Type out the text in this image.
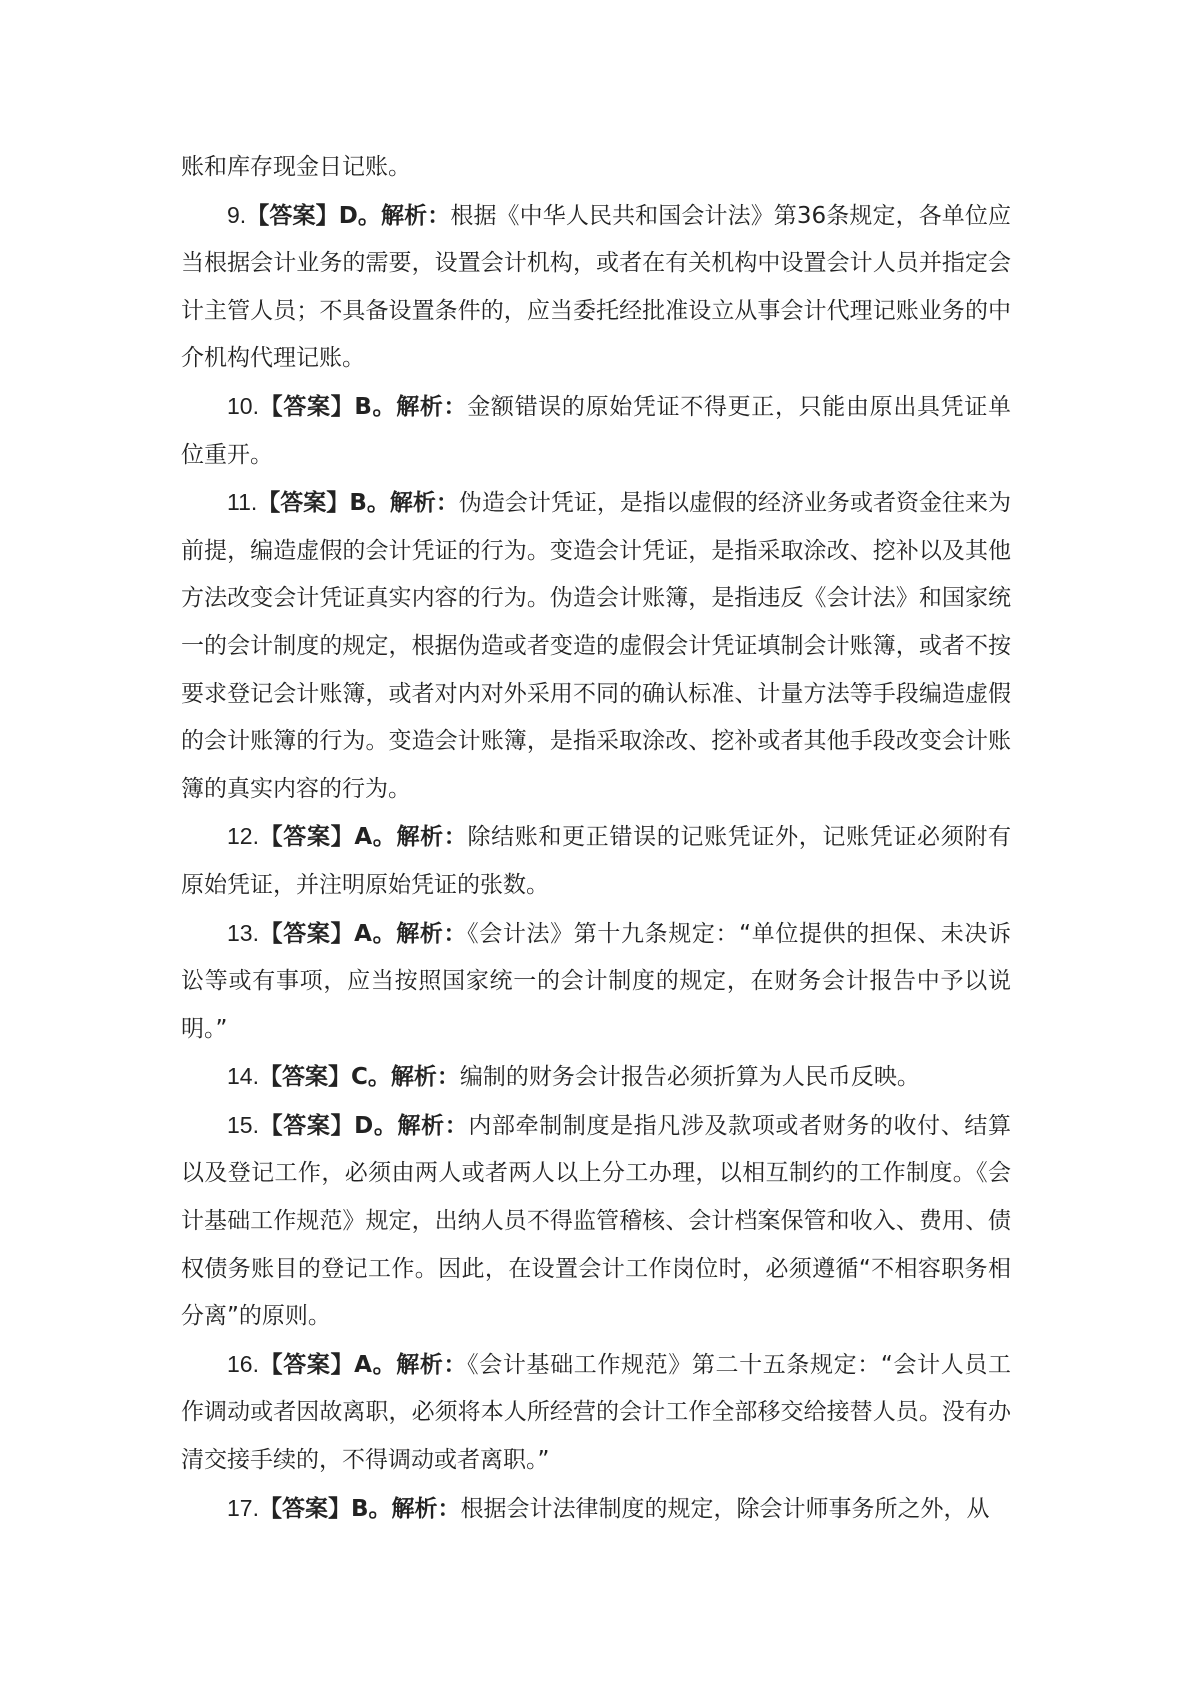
账和库存现金日记账。

9.【答案】D。解析：根据《中华人民共和国会计法》第36条规定，各单位应当根据会计业务的需要，设置会计机构，或者在有关机构中设置会计人员并指定会计主管人员；不具备设置条件的，应当委托经批准设立从事会计代理记账业务的中介机构代理记账。

10.【答案】B。解析：金额错误的原始凭证不得更正，只能由原出具凭证单位重开。

11.【答案】B。解析：伪造会计凭证，是指以虚假的经济业务或者资金往来为前提，编造虚假的会计凭证的行为。变造会计凭证，是指采取涂改、挖补以及其他方法改变会计凭证真实内容的行为。伪造会计账簿，是指违反《会计法》和国家统一的会计制度的规定，根据伪造或者变造的虚假会计凭证填制会计账簿，或者不按要求登记会计账簿，或者对内对外采用不同的确认标准、计量方法等手段编造虚假的会计账簿的行为。变造会计账簿，是指采取涂改、挖补或者其他手段改变会计账簿的真实内容的行为。

12.【答案】A。解析：除结账和更正错误的记账凭证外，记账凭证必须附有原始凭证，并注明原始凭证的张数。

13.【答案】A。解析：《会计法》第十九条规定：“单位提供的担保、未决诉讼等或有事项，应当按照国家统一的会计制度的规定，在财务会计报告中予以说明。”

14.【答案】C。解析：编制的财务会计报告必须折算为人民币反映。

15.【答案】D。解析：内部牵制制度是指凡涉及款项或者财务的收付、结算以及登记工作，必须由两人或者两人以上分工办理，以相互制约的工作制度。《会计基础工作规范》规定，出纳人员不得监管稽核、会计档案保管和收入、费用、债权债务账目的登记工作。因此，在设置会计工作岗位时，必须遵循“不相容职务相分离”的原则。

16.【答案】A。解析：《会计基础工作规范》第二十五条规定：“会计人员工作调动或者因故离职，必须将本人所经营的会计工作全部移交给接替人员。没有办清交接手续的，不得调动或者离职。”

17.【答案】B。解析：根据会计法律制度的规定，除会计师事务所之外，从
